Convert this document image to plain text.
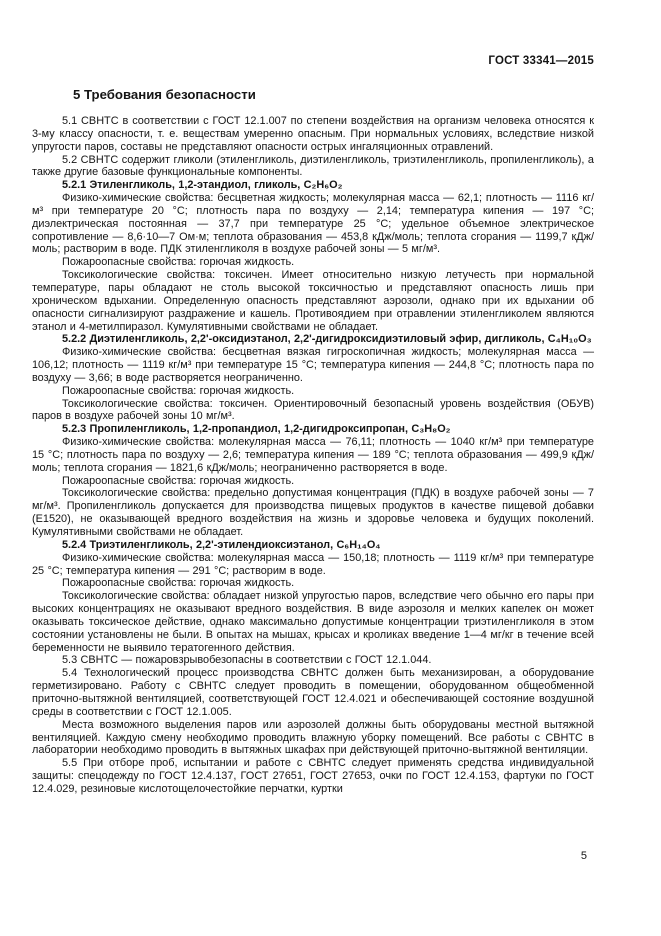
ГОСТ 33341—2015
5 Требования безопасности

5.1 СВНТС в соответствии с ГОСТ 12.1.007 по степени воздействия на организм человека относятся к 3-му классу опасности, т. е. веществам умеренно опасным. При нормальных условиях, вследствие низкой упругости паров, составы не представляют опасности острых ингаляционных отравлений.

5.2 СВНТС содержит гликоли (этиленгликоль, диэтиленгликоль, триэтиленгликоль, пропиленгликоль), а также другие базовые функциональные компоненты.

5.2.1 Этиленгликоль, 1,2-этандиол, гликоль, C₂H₆O₂

Физико-химические свойства: бесцветная жидкость; молекулярная масса — 62,1; плотность — 1116 кг/м³ при температуре 20 °С; плотность пара по воздуху — 2,14; температура кипения — 197 °С; диэлектрическая постоянная — 37,7 при температуре 25 °С; удельное объемное электрическое сопротивление — 8,6·10—7 Ом·м; теплота образования — 453,8 кДж/моль; теплота сгорания — 1199,7 кДж/моль; растворим в воде. ПДК этиленгликоля в воздухе рабочей зоны — 5 мг/м³.

Пожароопасные свойства: горючая жидкость.

Токсикологические свойства: токсичен. Имеет относительно низкую летучесть при нормальной температуре, пары обладают не столь высокой токсичностью и представляют опасность лишь при хроническом вдыхании. Определенную опасность представляют аэрозоли, однако при их вдыхании об опасности сигнализируют раздражение и кашель. Противоядием при отравлении этиленгликолем являются этанол и 4-метилпиразол. Кумулятивными свойствами не обладает.

5.2.2 Диэтиленгликоль, 2,2'-оксидиэтанол, 2,2'-дигидроксидиэтиловый эфир, дигликоль, C₄H₁₀O₃

Физико-химические свойства: бесцветная вязкая гигроскопичная жидкость; молекулярная масса — 106,12; плотность — 1119 кг/м³ при температуре 15 °С; температура кипения — 244,8 °С; плотность пара по воздуху — 3,66; в воде растворяется неограниченно.

Пожароопасные свойства: горючая жидкость.

Токсикологические свойства: токсичен. Ориентировочный безопасный уровень воздействия (ОБУВ) паров в воздухе рабочей зоны 10 мг/м³.

5.2.3 Пропиленгликоль, 1,2-пропандиол, 1,2-дигидроксипропан, C₃H₈O₂

Физико-химические свойства: молекулярная масса — 76,11; плотность — 1040 кг/м³ при температуре 15 °С; плотность пара по воздуху — 2,6; температура кипения — 189 °С; теплота образования — 499,9 кДж/моль; теплота сгорания — 1821,6 кДж/моль; неограниченно растворяется в воде.

Пожароопасные свойства: горючая жидкость.

Токсикологические свойства: предельно допустимая концентрация (ПДК) в воздухе рабочей зоны — 7 мг/м³. Пропиленгликоль допускается для производства пищевых продуктов в качестве пищевой добавки (Е1520), не оказывающей вредного воздействия на жизнь и здоровье человека и будущих поколений. Кумулятивными свойствами не обладает.

5.2.4 Триэтиленгликоль, 2,2'-этилендиоксиэтанол, C₆H₁₄O₄

Физико-химические свойства: молекулярная масса — 150,18; плотность — 1119 кг/м³ при температуре 25 °С; температура кипения — 291 °С; растворим в воде.

Пожароопасные свойства: горючая жидкость.

Токсикологические свойства: обладает низкой упругостью паров, вследствие чего обычно его пары при высоких концентрациях не оказывают вредного воздействия. В виде аэрозоля и мелких капелек он может оказывать токсическое действие, однако максимально допустимые концентрации триэтиленгликоля в этом состоянии установлены не были. В опытах на мышах, крысах и кроликах введение 1—4 мг/кг в течение всей беременности не выявило тератогенного действия.

5.3 СВНТС — пожаровзрывобезопасны в соответствии с ГОСТ 12.1.044.

5.4 Технологический процесс производства СВНТС должен быть механизирован, а оборудование герметизировано. Работу с СВНТС следует проводить в помещении, оборудованном общеобменной приточно-вытяжной вентиляцией, соответствующей ГОСТ 12.4.021 и обеспечивающей состояние воздушной среды в соответствии с ГОСТ 12.1.005.

Места возможного выделения паров или аэрозолей должны быть оборудованы местной вытяжной вентиляцией. Каждую смену необходимо проводить влажную уборку помещений. Все работы с СВНТС в лаборатории необходимо проводить в вытяжных шкафах при действующей приточно-вытяжной вентиляции.

5.5 При отборе проб, испытании и работе с СВНТС следует применять средства индивидуальной защиты: спецодежду по ГОСТ 12.4.137, ГОСТ 27651, ГОСТ 27653, очки по ГОСТ 12.4.153, фартуки по ГОСТ 12.4.029, резиновые кислотощелочестойкие перчатки, куртки

5
